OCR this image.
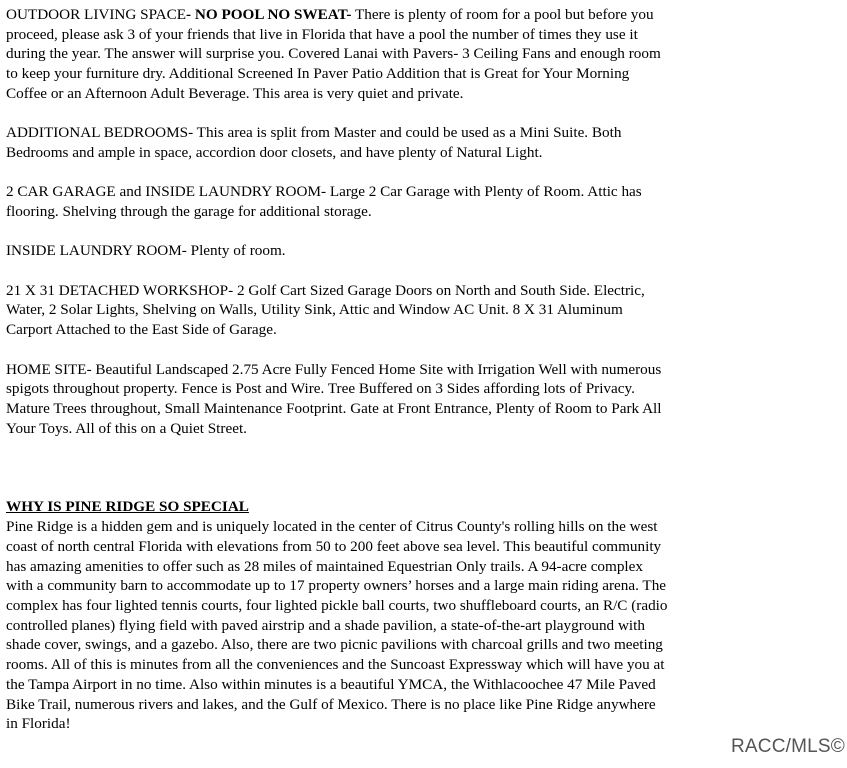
OUTDOOR LIVING SPACE- NO POOL NO SWEAT- There is plenty of room for a pool but before you proceed, please ask 3 of your friends that live in Florida that have a pool the number of times they use it during the year. The answer will surprise you. Covered Lanai with Pavers- 3 Ceiling Fans and enough room to keep your furniture dry. Additional Screened In Paver Patio Addition that is Great for Your Morning Coffee or an Afternoon Adult Beverage. This area is very quiet and private.

ADDITIONAL BEDROOMS- This area is split from Master and could be used as a Mini Suite. Both Bedrooms and ample in space, accordion door closets, and have plenty of Natural Light.

2 CAR GARAGE and INSIDE LAUNDRY ROOM- Large 2 Car Garage with Plenty of Room. Attic has flooring. Shelving through the garage for additional storage.

INSIDE LAUNDRY ROOM- Plenty of room.

21 X 31 DETACHED WORKSHOP- 2 Golf Cart Sized Garage Doors on North and South Side. Electric, Water, 2 Solar Lights, Shelving on Walls, Utility Sink, Attic and Window AC Unit. 8 X 31 Aluminum Carport Attached to the East Side of Garage.

HOME SITE- Beautiful Landscaped 2.75 Acre Fully Fenced Home Site with Irrigation Well with numerous spigots throughout property. Fence is Post and Wire. Tree Buffered on 3 Sides affording lots of Privacy. Mature Trees throughout, Small Maintenance Footprint. Gate at Front Entrance, Plenty of Room to Park All Your Toys. All of this on a Quiet Street.

WHY IS PINE RIDGE SO SPECIAL

Pine Ridge is a hidden gem and is uniquely located in the center of Citrus County's rolling hills on the west coast of north central Florida with elevations from 50 to 200 feet above sea level. This beautiful community has amazing amenities to offer such as 28 miles of maintained Equestrian Only trails. A 94-acre complex with a community barn to accommodate up to 17 property owners’ horses and a large main riding arena. The complex has four lighted tennis courts, four lighted pickle ball courts, two shuffleboard courts, an R/C (radio controlled planes) flying field with paved airstrip and a shade pavilion, a state-of-the-art playground with shade cover, swings, and a gazebo. Also, there are two picnic pavilions with charcoal grills and two meeting rooms. All of this is minutes from all the conveniences and the Suncoast Expressway which will have you at the Tampa Airport in no time. Also within minutes is a beautiful YMCA, the Withlacoochee 47 Mile Paved Bike Trail, numerous rivers and lakes, and the Gulf of Mexico. There is no place like Pine Ridge anywhere in Florida!

RACC/MLS©
